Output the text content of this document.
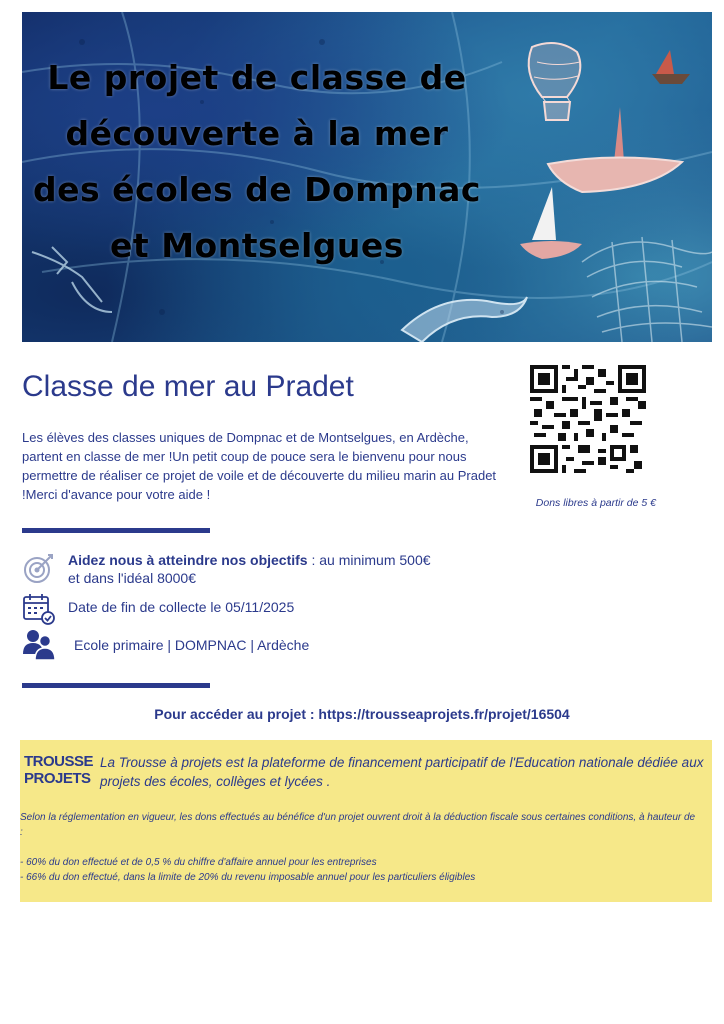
Le projet de classe de
découverte à la mer
des écoles de Dompnac
et Montselgues
Classe de mer au Pradet

Les élèves des classes uniques de Dompnac et de Montselgues, en Ardèche, partent en classe de mer !Un petit coup de pouce sera le bienvenu pour nous permettre de réaliser ce projet de voile et de découverte du milieu marin au Pradet !Merci d'avance pour votre aide !

Dons libres à partir de 5 €
Aidez nous à atteindre nos objectifs : au minimum 500€
et dans l'idéal 8000€
Date de fin de collecte le 05/11/2025
Ecole primaire | DOMPNAC | Ardèche
Pour accéder au projet : https://trousseaprojets.fr/projet/16504
TROUSSE
PROJETS

La Trousse à projets est la plateforme de financement participatif de l'Education nationale dédiée aux projets des écoles, collèges et lycées .

Selon la réglementation en vigueur, les dons effectués au bénéfice d'un projet ouvrent droit à la déduction fiscale sous certaines conditions, à hauteur de :

- 60% du don effectué et de 0,5 % du chiffre d'affaire annuel pour les entreprises
- 66% du don effectué, dans la limite de 20% du revenu imposable annuel pour les particuliers éligibles
